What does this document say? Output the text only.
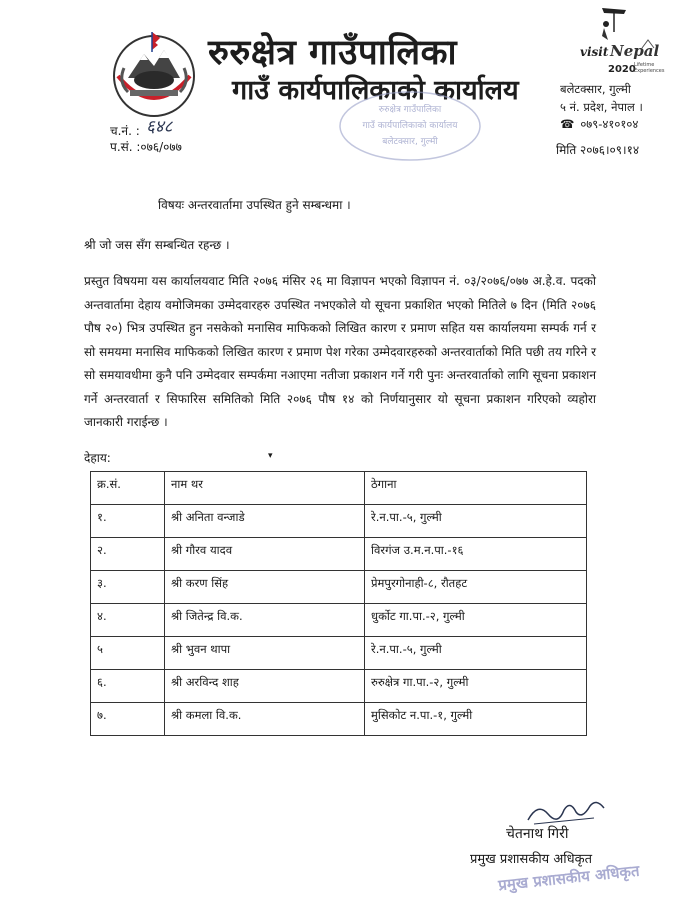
रुरुक्षेत्र गाउँपालिका
गाउँ कार्यपालिकाको कार्यालय
visit Nepal
2020
Lifetime
Experiences
बलेटक्सार, गुल्मी
५ नं. प्रदेश, नेपाल ।
☎ ०७९-४१०१०४
मिति २०७६।०९।१४
च.नं. : ६४८
प.सं. :०७६/०७७
रुरुक्षेत्र गाउँपालिका
गाउँ कार्यपालिकाको कार्यालय
बलेटक्सार, गुल्मी
विषयः अन्तरवार्तामा उपस्थित हुने सम्बन्धमा ।
श्री जो जस सँग सम्बन्धित रहन्छ ।
प्रस्तुत विषयमा यस कार्यालयवाट मिति २०७६ मंसिर २६ मा विज्ञापन भएको विज्ञापन नं. ०३/२०७६/०७७ अ.हे.व. पदको अन्तवार्तामा देहाय वमोजिमका उम्मेदवारहरु उपस्थित नभएकोले यो सूचना प्रकाशित भएको मितिले ७ दिन (मिति २०७६ पौष २०) भित्र उपस्थित हुन नसकेको मनासिव माफिकको लिखित कारण र प्रमाण सहित यस कार्यालयमा सम्पर्क गर्न र सो समयमा मनासिव माफिकको लिखित कारण र प्रमाण पेश गरेका उम्मेदवारहरुको अन्तरवार्ताको मिति पछी तय गरिने र सो समयावधीमा कुनै पनि उम्मेदवार सम्पर्कमा नआएमा नतीजा प्रकाशन गर्ने गरी पुनः अन्तरवार्ताको लागि सूचना प्रकाशन गर्ने अन्तरवार्ता र सिफारिस समितिको मिति २०७६ पौष १४ को निर्णयानुसार यो सूचना प्रकाशन गरिएको व्यहोरा जानकारी गराईन्छ ।
देहाय:	▾
क्र.सं.	नाम थर	ठेगाना
१.	श्री अनिता वन्जाडे	रे.न.पा.-५, गुल्मी
२.	श्री गौरव यादव	विरगंज उ.म.न.पा.-१६
३.	श्री करण सिंह	प्रेमपुरगोनाही-८, रौतहट
४.	श्री जितेन्द्र वि.क.	धुर्कोट गा.पा.-२, गुल्मी
५	श्री भुवन थापा	रे.न.पा.-५, गुल्मी
६.	श्री अरविन्द शाह	रुरुक्षेत्र गा.पा.-२, गुल्मी
७.	श्री कमला वि.क.	मुसिकोट न.पा.-१, गुल्मी
चेतनाथ गिरी
प्रमुख प्रशासकीय अधिकृत
प्रमुख प्रशासकीय अधिकृत
